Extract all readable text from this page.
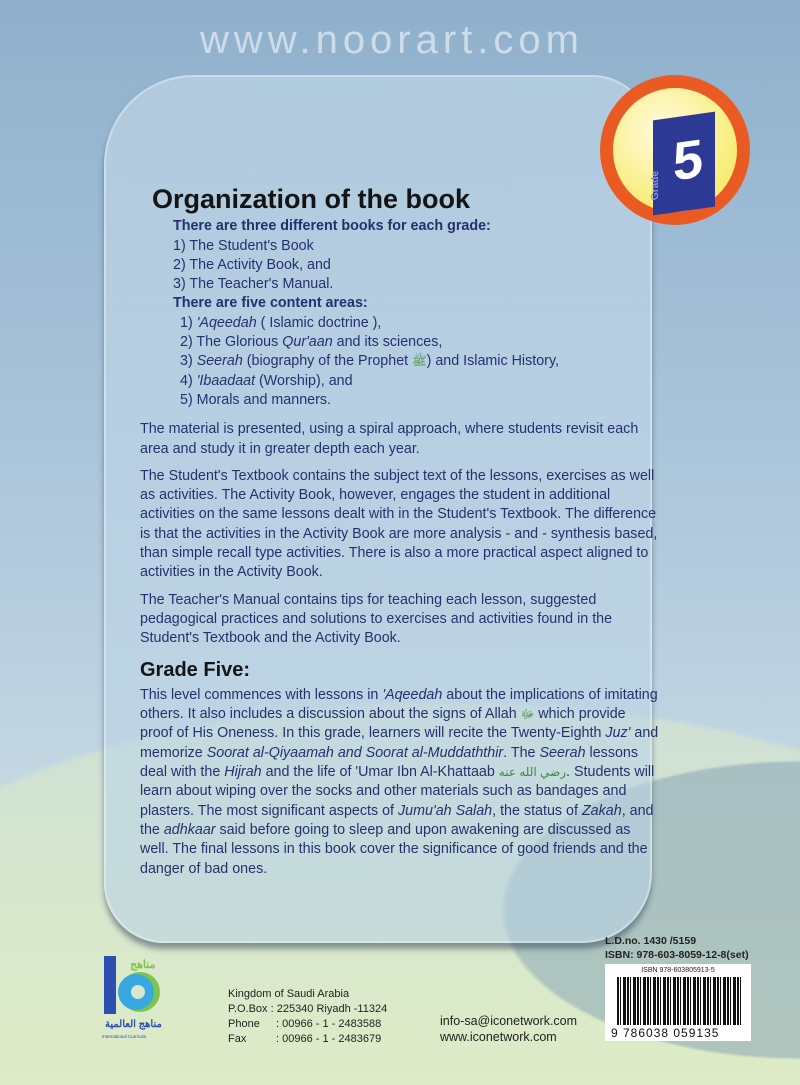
www.noorart.com
5
Grade
Organization of the book
There are three different books for each grade:
1) The Student's Book
2) The Activity Book, and
3) The Teacher's Manual.
There are five content areas:
1) 'Aqeedah ( Islamic doctrine ),
2) The Glorious Qur'aan and its sciences,
3) Seerah (biography of the Prophet ﷺ) and Islamic History,
4) 'Ibaadaat (Worship), and
5) Morals and manners.

The material is presented, using a spiral approach, where students revisit each area and study it in greater depth each year.

The Student's Textbook contains the subject text of the lessons, exercises as well as activities. The Activity Book, however, engages the student in additional activities on the same lessons dealt with in the Student's Textbook. The difference is that the activities in the Activity Book are more analysis - and - synthesis based, than simple recall type activities. There is also a more practical aspect aligned to activities in the Activity Book.

The Teacher's Manual contains tips for teaching each lesson, suggested pedagogical practices and solutions to exercises and activities found in the Student's Textbook and the Activity Book.

Grade Five:

This level commences with lessons in 'Aqeedah about the implications of imitating others. It also includes a discussion about the signs of Allah ﷻ which provide proof of His Oneness. In this grade, learners will recite the Twenty-Eighth Juz' and memorize Soorat al-Qiyaamah and Soorat al-Muddaththir. The Seerah lessons deal with the Hijrah and the life of 'Umar Ibn Al-Khattaab رضي الله عنه. Students will learn about wiping over the socks and other materials such as bandages and plasters. The most significant aspects of Jumu'ah Salah, the status of Zakah, and the adhkaar said before going to sleep and upon awakening are discussed as well. The final lessons in this book cover the significance of good friends and the danger of bad ones.

مناهج
مناهج العالمية
International Curricula
Kingdom of Saudi Arabia
P.O.Box : 225340 Riyadh -11324
Phone : 00966 - 1 - 2483588
Fax	: 00966 - 1 - 2483679
info-sa@iconetwork.com
www.iconetwork.com
L.D.no. 1430 /5159
ISBN: 978-603-8059-12-8(set)
ISBN 978-603805913-5
9 786038 059135
